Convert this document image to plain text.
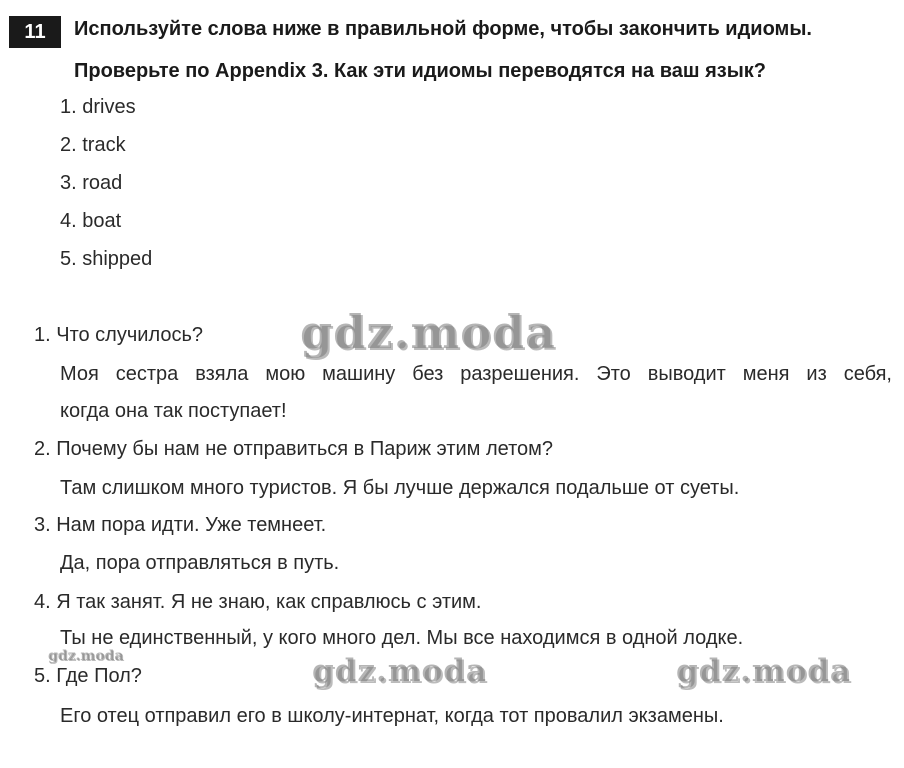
11	Используйте слова ниже в правильной форме, чтобы закончить идиомы.
Проверьте по Appendix 3. Как эти идиомы переводятся на ваш язык?
1. drives
2. track
3. road
4. boat
5. shipped
1. Что случилось?
Моя сестра взяла мою машину без разрешения. Это выводит меня из себя,
когда она так поступает!
2. Почему бы нам не отправиться в Париж этим летом?
Там слишком много туристов. Я бы лучше держался подальше от суеты.
3. Нам пора идти. Уже темнеет.
Да, пора отправляться в путь.
4. Я так занят. Я не знаю, как справлюсь с этим.
Ты не единственный, у кого много дел. Мы все находимся в одной лодке.
5. Где Пол?
Его отец отправил его в школу-интернат, когда тот провалил экзамены.
gdz.moda
gdz.moda	gdz.moda	gdz.moda
